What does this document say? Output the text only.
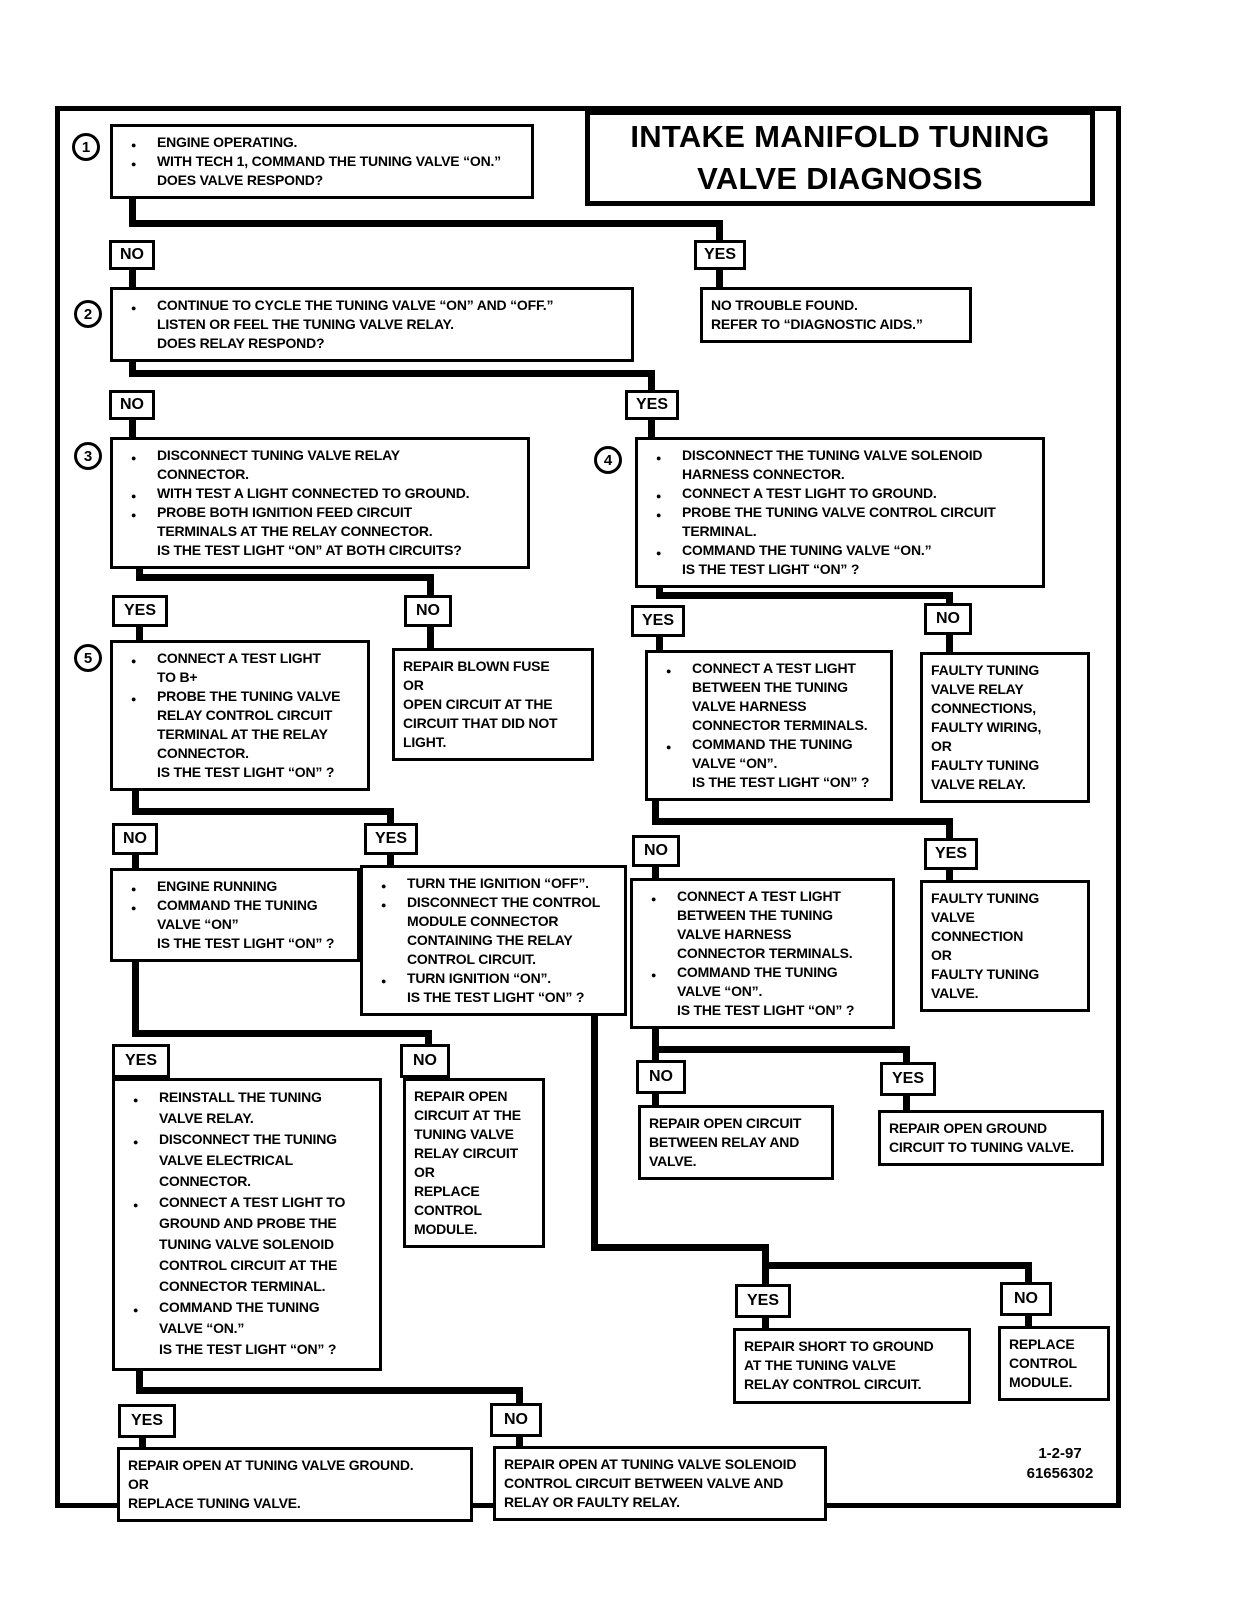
INTAKE MANIFOLD TUNING VALVE DIAGNOSIS
1
2
3	4
5
NO	YES
NO	YES
YES	NO
YES	NO
NO	YES
NO	YES
YES	NO
NO	YES
YES	NO
YES	NO
● ENGINE OPERATING.
● WITH TECH 1, COMMAND THE TUNING VALVE “ON.”
DOES VALVE RESPOND?
NO TROUBLE FOUND.
REFER TO “DIAGNOSTIC AIDS.”
● CONTINUE TO CYCLE THE TUNING VALVE “ON” AND “OFF.”
LISTEN OR FEEL THE TUNING VALVE RELAY.
DOES RELAY RESPOND?
● DISCONNECT TUNING VALVE RELAY
CONNECTOR.
● WITH TEST A LIGHT CONNECTED TO GROUND.
● PROBE BOTH IGNITION FEED CIRCUIT
TERMINALS AT THE RELAY CONNECTOR.
IS THE TEST LIGHT “ON” AT BOTH CIRCUITS?
● DISCONNECT THE TUNING VALVE SOLENOID
HARNESS CONNECTOR.
● CONNECT A TEST LIGHT TO GROUND.
● PROBE THE TUNING VALVE CONTROL CIRCUIT
TERMINAL.
● COMMAND THE TUNING VALVE “ON.”
IS THE TEST LIGHT “ON” ?
● CONNECT A TEST LIGHT
TO B+
● PROBE THE TUNING VALVE
RELAY CONTROL CIRCUIT
TERMINAL AT THE RELAY
CONNECTOR.
IS THE TEST LIGHT “ON” ?
REPAIR BLOWN FUSE
OR
OPEN CIRCUIT AT THE
CIRCUIT THAT DID NOT
LIGHT.
● CONNECT A TEST LIGHT
BETWEEN THE TUNING
VALVE HARNESS
CONNECTOR TERMINALS.
● COMMAND THE TUNING
VALVE “ON”.
IS THE TEST LIGHT “ON” ?
FAULTY TUNING
VALVE RELAY
CONNECTIONS,
FAULTY WIRING,
OR
FAULTY TUNING
VALVE RELAY.
● ENGINE RUNNING
● COMMAND THE TUNING
VALVE “ON”
IS THE TEST LIGHT “ON” ?
● TURN THE IGNITION “OFF”.
● DISCONNECT THE CONTROL
MODULE CONNECTOR
CONTAINING THE RELAY
CONTROL CIRCUIT.
● TURN IGNITION “ON”.
IS THE TEST LIGHT “ON” ?
● CONNECT A TEST LIGHT
BETWEEN THE TUNING
VALVE HARNESS
CONNECTOR TERMINALS.
● COMMAND THE TUNING
VALVE “ON”.
IS THE TEST LIGHT “ON” ?
FAULTY TUNING
VALVE
CONNECTION
OR
FAULTY TUNING
VALVE.
● REINSTALL THE TUNING
VALVE RELAY.
● DISCONNECT THE TUNING
VALVE ELECTRICAL
CONNECTOR.
● CONNECT A TEST LIGHT TO
GROUND AND PROBE THE
TUNING VALVE SOLENOID
CONTROL CIRCUIT AT THE
CONNECTOR TERMINAL.
● COMMAND THE TUNING
VALVE “ON.”
IS THE TEST LIGHT “ON” ?
REPAIR OPEN
CIRCUIT AT THE
TUNING VALVE
RELAY CIRCUIT
OR
REPLACE
CONTROL
MODULE.
REPAIR OPEN CIRCUIT
BETWEEN RELAY AND
VALVE.
REPAIR OPEN GROUND
CIRCUIT TO TUNING VALVE.
REPAIR SHORT TO GROUND
AT THE TUNING VALVE
RELAY CONTROL CIRCUIT.
REPLACE
CONTROL
MODULE.
REPAIR OPEN AT TUNING VALVE GROUND.
OR
REPLACE TUNING VALVE.
REPAIR OPEN AT TUNING VALVE SOLENOID
CONTROL CIRCUIT BETWEEN VALVE AND
RELAY OR FAULTY RELAY.
1-2-97
61656302
